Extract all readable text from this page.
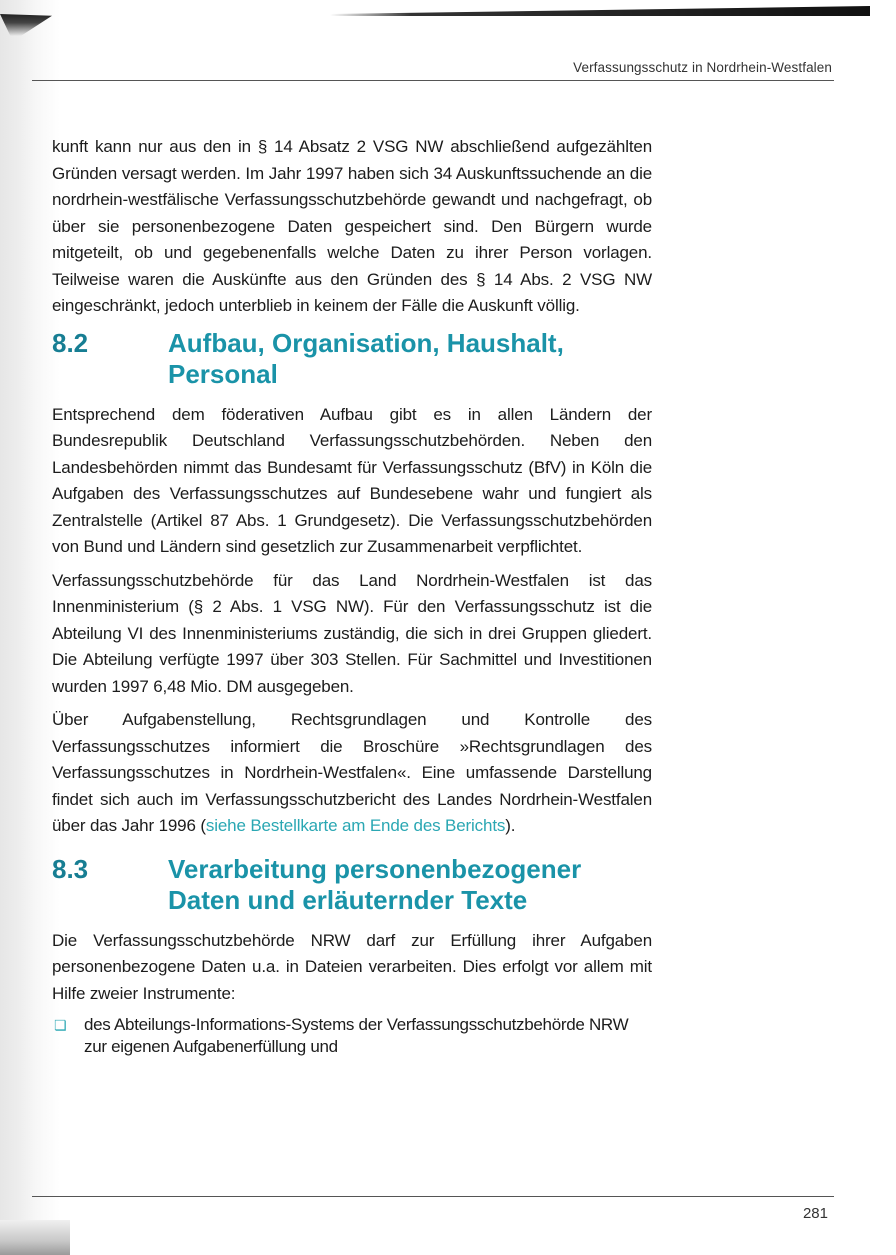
Verfassungsschutz in Nordrhein-Westfalen

kunft kann nur aus den in § 14 Absatz 2 VSG NW abschließend aufgezählten Gründen versagt werden. Im Jahr 1997 haben sich 34 Auskunftssuchende an die nordrhein-westfälische Verfassungsschutzbehörde gewandt und nachgefragt, ob über sie personenbezogene Daten gespeichert sind. Den Bürgern wurde mitgeteilt, ob und gegebenenfalls welche Daten zu ihrer Person vorlagen. Teilweise waren die Auskünfte aus den Gründen des § 14 Abs. 2 VSG NW eingeschränkt, jedoch unterblieb in keinem der Fälle die Auskunft völlig.

8.2	Aufbau, Organisation, Haushalt, Personal

Entsprechend dem föderativen Aufbau gibt es in allen Ländern der Bundesrepublik Deutschland Verfassungsschutzbehörden. Neben den Landesbehörden nimmt das Bundesamt für Verfassungsschutz (BfV) in Köln die Aufgaben des Verfassungsschutzes auf Bundesebene wahr und fungiert als Zentralstelle (Artikel 87 Abs. 1 Grundgesetz). Die Verfassungsschutzbehörden von Bund und Ländern sind gesetzlich zur Zusammenarbeit verpflichtet.

Verfassungsschutzbehörde für das Land Nordrhein-Westfalen ist das Innenministerium (§ 2 Abs. 1 VSG NW). Für den Verfassungsschutz ist die Abteilung VI des Innenministeriums zuständig, die sich in drei Gruppen gliedert. Die Abteilung verfügte 1997 über 303 Stellen. Für Sachmittel und Investitionen wurden 1997 6,48 Mio. DM ausgegeben.

Über Aufgabenstellung, Rechtsgrundlagen und Kontrolle des Verfassungsschutzes informiert die Broschüre »Rechtsgrundlagen des Verfassungsschutzes in Nordrhein-Westfalen«. Eine umfassende Darstellung findet sich auch im Verfassungsschutzbericht des Landes Nordrhein-Westfalen über das Jahr 1996 (siehe Bestellkarte am Ende des Berichts).

8.3	Verarbeitung personenbezogener Daten und erläuternder Texte

Die Verfassungsschutzbehörde NRW darf zur Erfüllung ihrer Aufgaben personenbezogene Daten u.a. in Dateien verarbeiten. Dies erfolgt vor allem mit Hilfe zweier Instrumente:

❏	des Abteilungs-Informations-Systems der Verfassungsschutzbehörde NRW zur eigenen Aufgabenerfüllung und
281
